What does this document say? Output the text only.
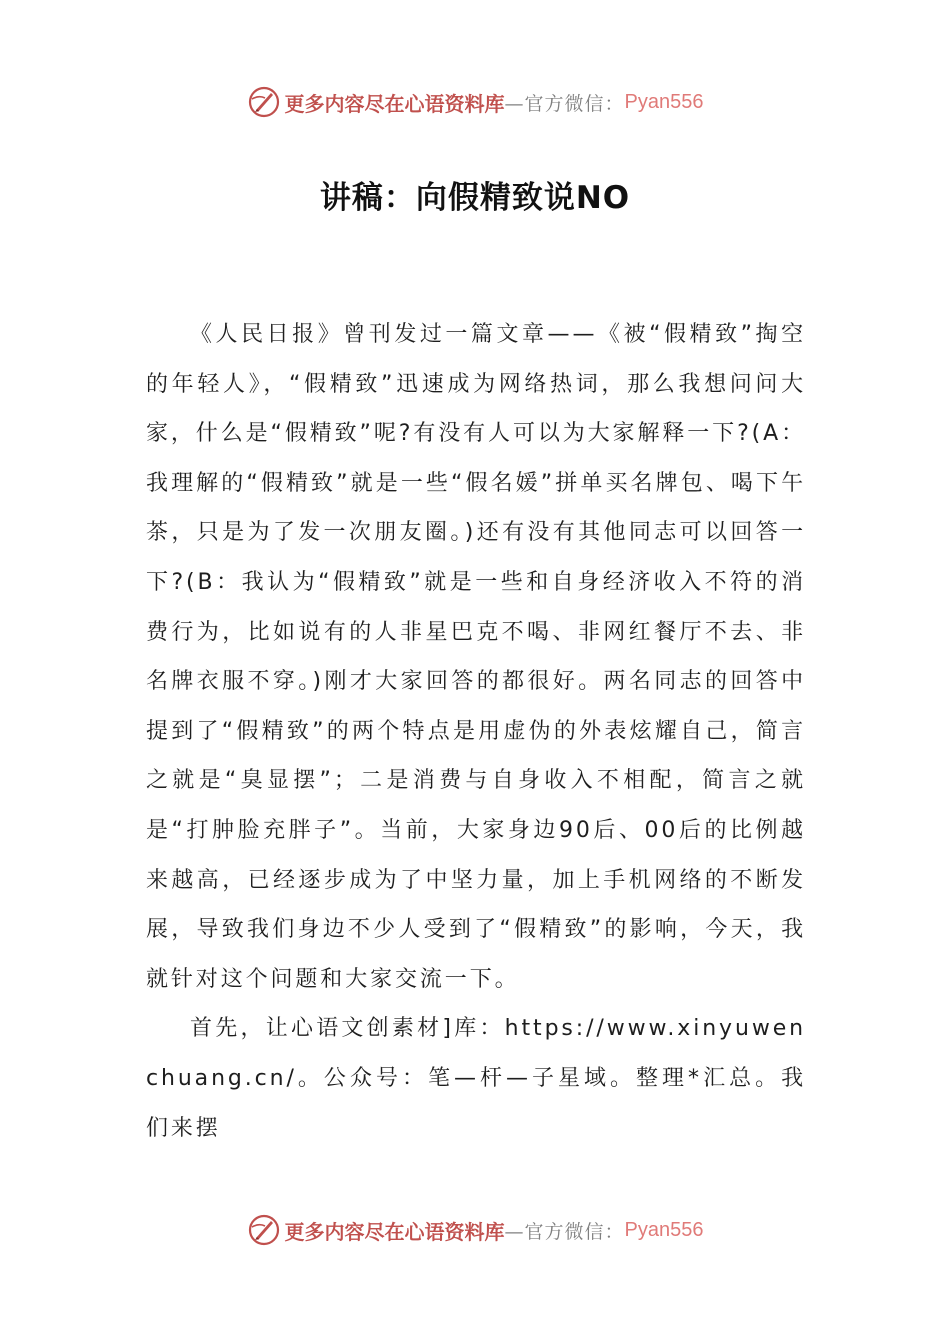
更多内容尽在心语资料库 —官方微信： Pyan556
讲稿：向假精致说NO

《人民日报》曾刊发过一篇文章——《被“假精致”掏空的年轻人》，“假精致”迅速成为网络热词，那么我想问问大家，什么是“假精致”呢?有没有人可以为大家解释一下?(A：我理解的“假精致”就是一些“假名媛”拼单买名牌包、喝下午茶，只是为了发一次朋友圈。)还有没有其他同志可以回答一下?(B：我认为“假精致”就是一些和自身经济收入不符的消费行为，比如说有的人非星巴克不喝、非网红餐厅不去、非名牌衣服不穿。)刚才大家回答的都很好。两名同志的回答中提到了“假精致”的两个特点是用虚伪的外表炫耀自己，简言之就是“臭显摆”；二是消费与自身收入不相配，简言之就是“打肿脸充胖子”。当前，大家身边90后、00后的比例越来越高，已经逐步成为了中坚力量，加上手机网络的不断发展，导致我们身边不少人受到了“假精致”的影响，今天，我就针对这个问题和大家交流一下。

首先，让心语文创素材]库：https://www.xinyuwenchuang.cn/。公众号：笔—杆—子星域。整理*汇总。我们来摆

更多内容尽在心语资料库 —官方微信： Pyan556
